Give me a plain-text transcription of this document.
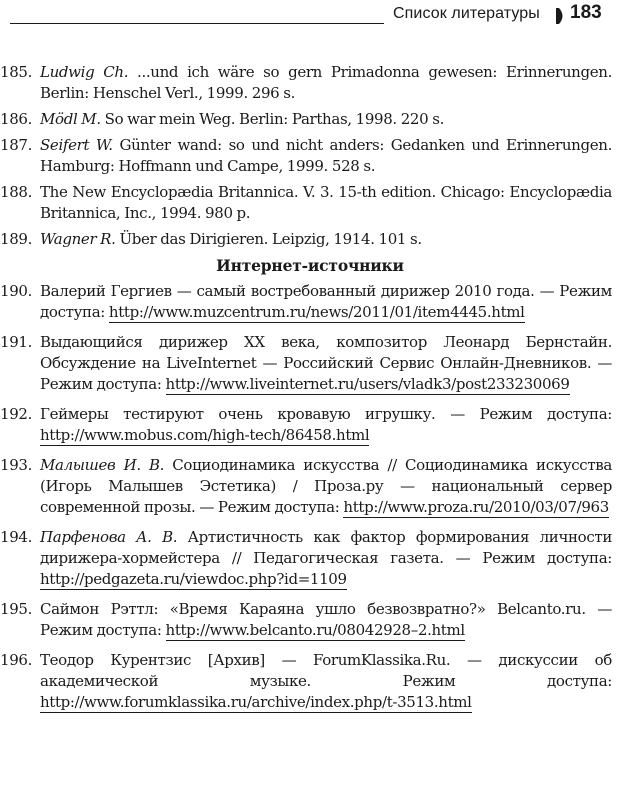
Список литературы 183
185. Ludwig Ch. ...und ich wäre so gern Primadonna gewesen: Erinnerungen. Berlin: Henschel Verl., 1999. 296 s.
186. Mödl M. So war mein Weg. Berlin: Parthas, 1998. 220 s.
187. Seifert W. Günter wand: so und nicht anders: Gedanken und Erinnerungen. Hamburg: Hoffmann und Campe, 1999. 528 s.
188. The New Encyclopædia Britannica. V. 3. 15-th edition. Chicago: Encyclopædia Britannica, Inc., 1994. 980 p.
189. Wagner R. Über das Dirigieren. Leipzig, 1914. 101 s.
Интернет-источники
190. Валерий Гергиев — самый востребованный дирижер 2010 года. — Режим доступа: http://www.muzcentrum.ru/news/2011/01/item4445.html
191. Выдающийся дирижер XX века, композитор Леонард Бернстайн. Обсуждение на LiveInternet — Российский Сервис Онлайн-Дневников. — Режим доступа: http://www.liveinternet.ru/users/vladk3/post233230069
192. Геймеры тестируют очень кровавую игрушку. — Режим доступа: http://www.mobus.com/high-tech/86458.html
193. Малышев И. В. Социодинамика искусства // Социодинамика искусства (Игорь Малышев Эстетика) / Проза.ру — национальный сервер современной прозы. — Режим доступа: http://www.proza.ru/2010/03/07/963
194. Парфенова А. В. Артистичность как фактор формирования личности дирижера-хормейстера // Педагогическая газета. — Режим доступа: http://pedgazeta.ru/viewdoc.php?id=1109
195. Саймон Рэттл: «Время Караяна ушло безвозвратно?» Belcanto.ru. — Режим доступа: http://www.belcanto.ru/08042928–2.html
196. Теодор Курентзис [Архив] — ForumKlassika.Ru. — дискуссии об академической музыке. Режим доступа: http://www.forumklassika.ru/archive/index.php/t-3513.html
